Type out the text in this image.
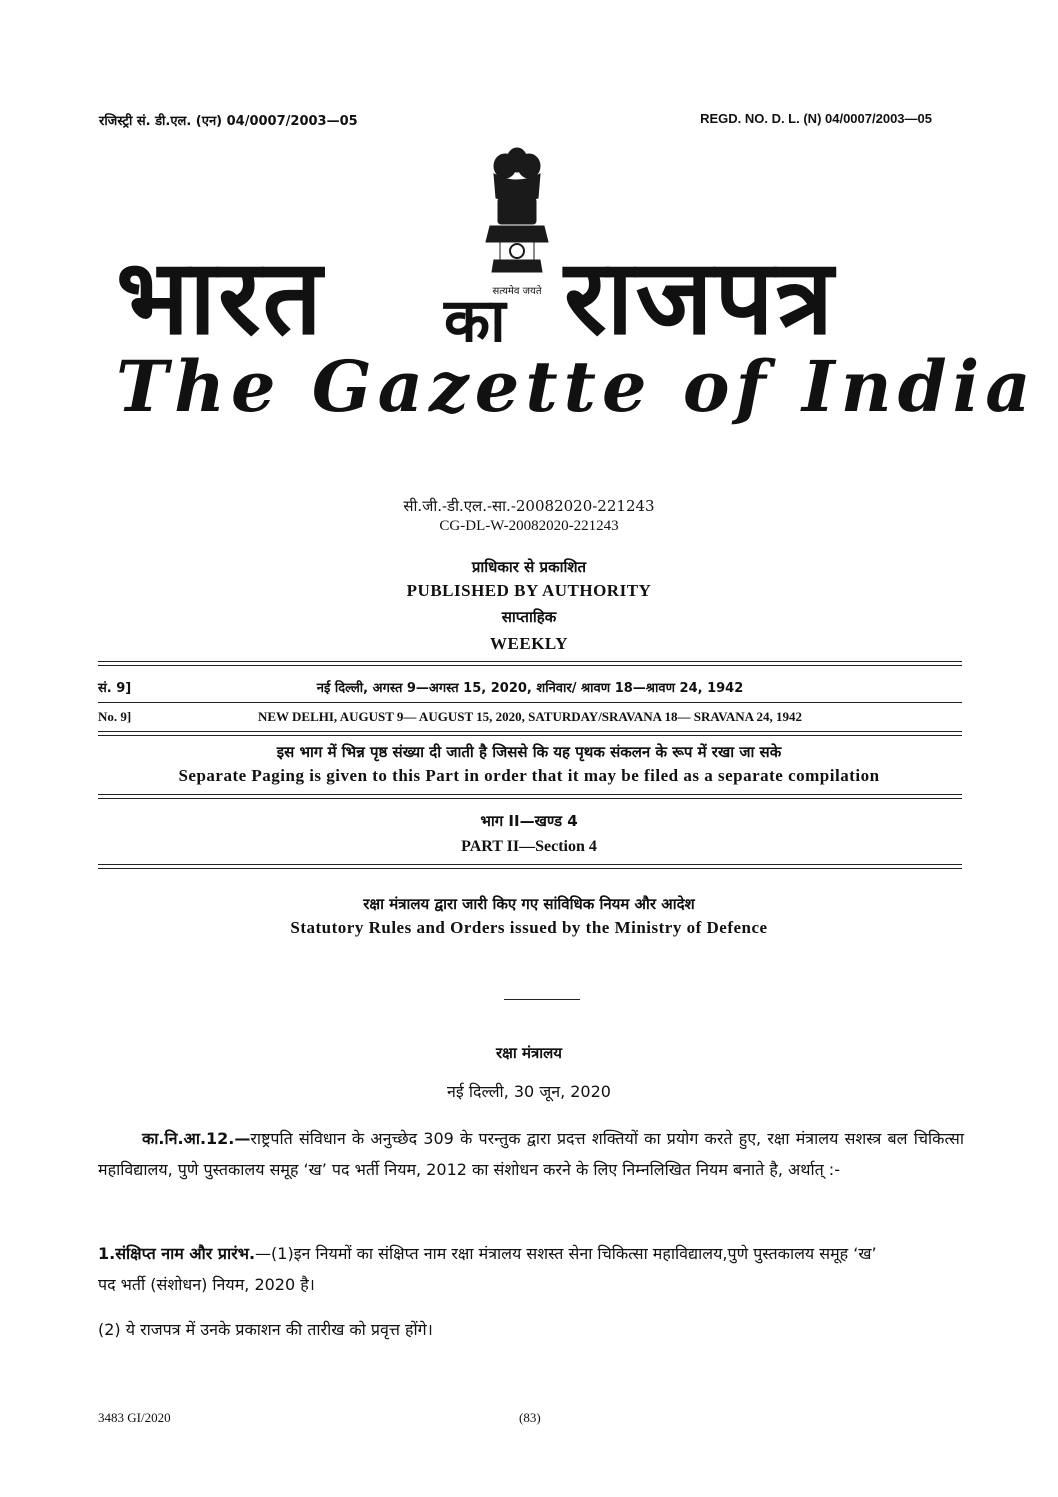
रजिस्ट्री सं. डी.एल. (एन) 04/0007/2003—05	REGD. NO. D. L. (N) 04/0007/2003—05
सत्यमेव जयते
भारत का राजपत्र
The Gazette of India
सी.जी.-डी.एल.-सा.-20082020-221243
CG-DL-W-20082020-221243
प्राधिकार से प्रकाशित
PUBLISHED BY AUTHORITY
साप्ताहिक
WEEKLY
सं. 9]	नई दिल्ली, अगस्त 9—अगस्त 15, 2020, शनिवार/ श्रावण 18—श्रावण 24, 1942
No. 9]	NEW DELHI, AUGUST 9— AUGUST 15, 2020, SATURDAY/SRAVANA 18— SRAVANA 24, 1942
इस भाग में भिन्न पृष्ठ संख्या दी जाती है जिससे कि यह पृथक संकलन के रूप में रखा जा सके
Separate Paging is given to this Part in order that it may be filed as a separate compilation
भाग II—खण्ड 4
PART II—Section 4
रक्षा मंत्रालय द्वारा जारी किए गए सांविधिक नियम और आदेश
Statutory Rules and Orders issued by the Ministry of Defence
रक्षा मंत्रालय
नई दिल्ली, 30 जून, 2020
का.नि.आ.12.—राष्ट्रपति संविधान के अनुच्छेद 309 के परन्तुक द्वारा प्रदत्त शक्तियों का प्रयोग करते हुए, रक्षा मंत्रालय सशस्त्र बल चिकित्सा महाविद्यालय, पुणे पुस्तकालय समूह ‘ख’ पद भर्ती नियम, 2012 का संशोधन करने के लिए निम्नलिखित नियम बनाते है, अर्थात् :-
1.संक्षिप्त नाम और प्रारंभ.—(1)इन नियमों का संक्षिप्त नाम रक्षा मंत्रालय सशस्त सेना चिकित्सा महाविद्यालय,पुणे पुस्तकालय समूह ‘ख’ पद भर्ती (संशोधन) नियम, 2020 है।
(2) ये राजपत्र में उनके प्रकाशन की तारीख को प्रवृत्त होंगे।
3483 GI/2020	(83)
